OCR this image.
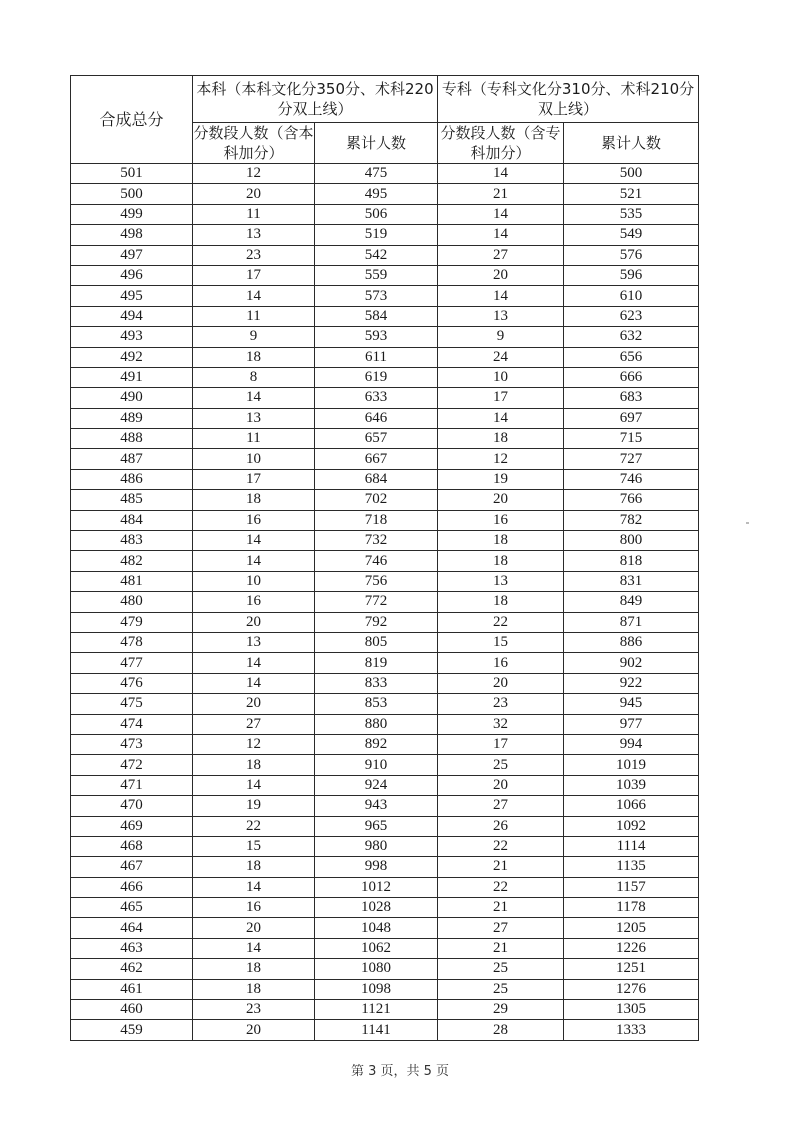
合成总分	本科（本科文化分350分、术科220分双上线）		专科（专科文化分310分、术科210分双上线）	
	分数段人数（含本科加分）	累计人数	分数段人数（含专科加分）	累计人数
501	12	475	14	500
500	20	495	21	521
499	11	506	14	535
498	13	519	14	549
497	23	542	27	576
496	17	559	20	596
495	14	573	14	610
494	11	584	13	623
493	9	593	9	632
492	18	611	24	656
491	8	619	10	666
490	14	633	17	683
489	13	646	14	697
488	11	657	18	715
487	10	667	12	727
486	17	684	19	746
485	18	702	20	766
484	16	718	16	782
483	14	732	18	800
482	14	746	18	818
481	10	756	13	831
480	16	772	18	849
479	20	792	22	871
478	13	805	15	886
477	14	819	16	902
476	14	833	20	922
475	20	853	23	945
474	27	880	32	977
473	12	892	17	994
472	18	910	25	1019
471	14	924	20	1039
470	19	943	27	1066
469	22	965	26	1092
468	15	980	22	1114
467	18	998	21	1135
466	14	1012	22	1157
465	16	1028	21	1178
464	20	1048	27	1205
463	14	1062	21	1226
462	18	1080	25	1251
461	18	1098	25	1276
460	23	1121	29	1305
459	20	1141	28	1333
第 3 页，共 5 页
